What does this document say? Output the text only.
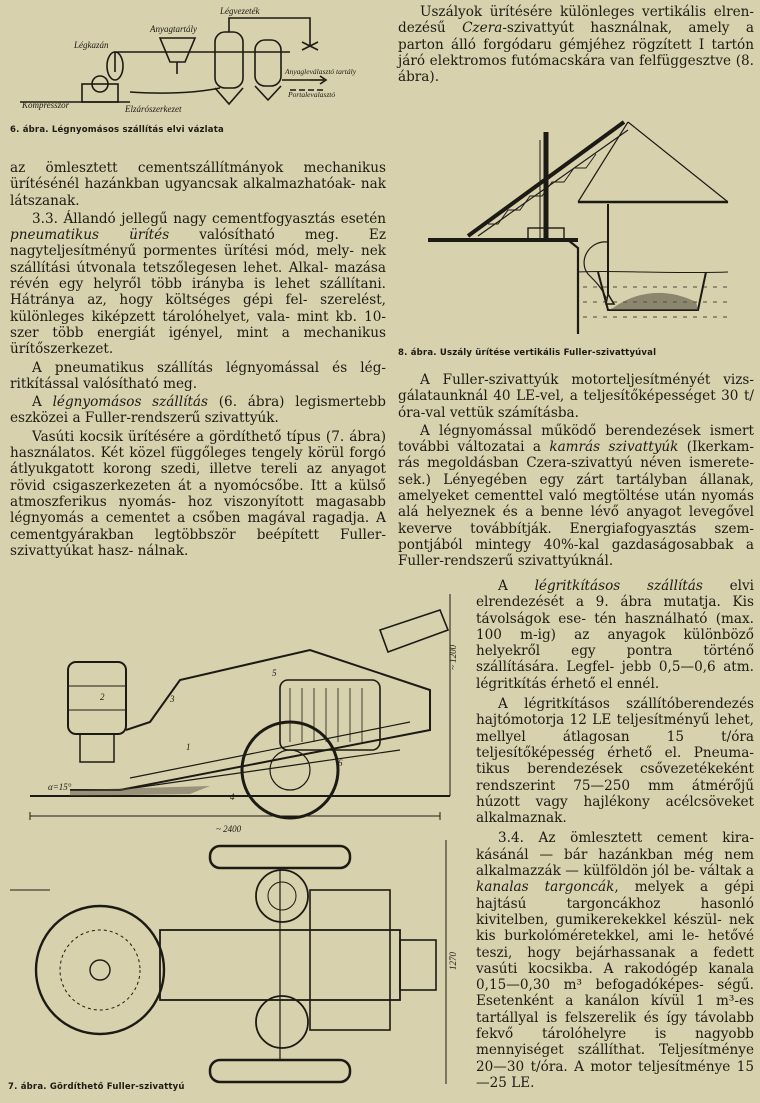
Légvezeték
Anyagtartály
Légkazán
Kompresszor	Elzárószerkezet
Anyagleválasztó tartály
Portalevalasztó

6. ábra. Légnyomásos szállítás elvi vázlata

az ömlesztett cementszállítmányok mechanikus ürítésénél hazánkban ugyancsak alkalmazhatóak- nak látszanak.

3.3. Állandó jellegű nagy cementfogyasztás esetén pneumatikus ürítés valósítható meg. Ez nagyteljesítményű pormentes ürítési mód, mely- nek szállítási útvonala tetszőlegesen lehet. Alkal- mazása révén egy helyről több irányba is lehet szállítani. Hátránya az, hogy költséges gépi fel- szerelést, különleges kiképzett tárolóhelyet, vala- mint kb. 10-szer több energiát igényel, mint a mechanikus ürítőszerkezet.

A pneumatikus szállítás légnyomással és lég- ritkítással valósítható meg.

A légnyomásos szállítás (6. ábra) legismertebb eszközei a Fuller-rendszerű szivattyúk.

Vasúti kocsik ürítésére a gördíthető típus (7. ábra) használatos. Két közel függőleges tengely körül forgó átlyukgatott korong szedi, illetve tereli az anyagot rövid csigaszerkezeten át a nyomócsőbe. Itt a külső atmoszferikus nyomás- hoz viszonyított magasabb légnyomás a cementet a csőben magával ragadja. A cementgyárakban legtöbbször beépített Fuller-szivattyúkat hasz- nálnak.

Uszályok ürítésére különleges vertikális elren- dezésű Czera-szivattyút használnak, amely a parton álló forgódaru gémjéhez rögzített I tartón járó elektromos futómacskára van felfüggesztve (8. ábra).

8. ábra. Uszály ürítése vertikális Fuller-szivattyúval

A Fuller-szivattyúk motorteljesítményét vizs- gálataunknál 40 LE-vel, a teljesítőképességet 30 t/óra-val vettük számításba.

A légnyomással működő berendezések ismert további változatai a kamrás szivattyúk (Ikerkam- rás megoldásban Czera-szivattyú néven ismerete- sek.) Lényegében egy zárt tartályban állanak, amelyeket cementtel való megtöltése után nyomás alá helyeznek és a benne lévő anyagot levegővel keverve továbbítják. Energiafogyasztás szem- pontjából mintegy 40%-kal gazdaságosabbak a Fuller-rendszerű szivattyúknál.

A légritkításos szállítás elvi elrendezését a 9. ábra mutatja. Kis távolságok ese- tén használható (max. 100 m-ig) az anyagok különböző helyekről egy pontra történő szállítására. Legfel- jebb 0,5—0,6 atm. légritkítás érhető el ennél.

A légritkításos szállítóberendezés hajtómotorja 12 LE teljesítményű lehet, mellyel átlagosan 15 t/óra teljesítőképesség érhető el. Pneuma- tikus berendezések csővezetékeként rendszerint 75—250 mm átmérőjű húzott vagy hajlékony acélcsöveket alkalmaznak.

3.4. Az ömlesztett cement kira- kásánál — bár hazánkban még nem alkalmazzák — külföldön jól be- váltak a kanalas targoncák, melyek a gépi hajtású targoncákhoz hasonló kivitelben, gumikerekekkel készül- nek kis burkolóméretekkel, ami le- hetővé teszi, hogy bejárhassanak a fedett vasúti kocsikba. A rakodógép kanala 0,15—0,30 m³ befogadóképes- ségű. Esetenként a kanálon kívül 1 m³-es tartállyal is felszerelik és így távolabb fekvő tárolóhelyre is nagyobb mennyiséget szállíthat. Teljesítménye 20—30 t/óra. A motor teljesítménye 15—25 LE.

2	3
4
5
6
1
α=15°
~ 2400
~ 1200
1270

7. ábra. Gördíthető Fuller-szivattyú
